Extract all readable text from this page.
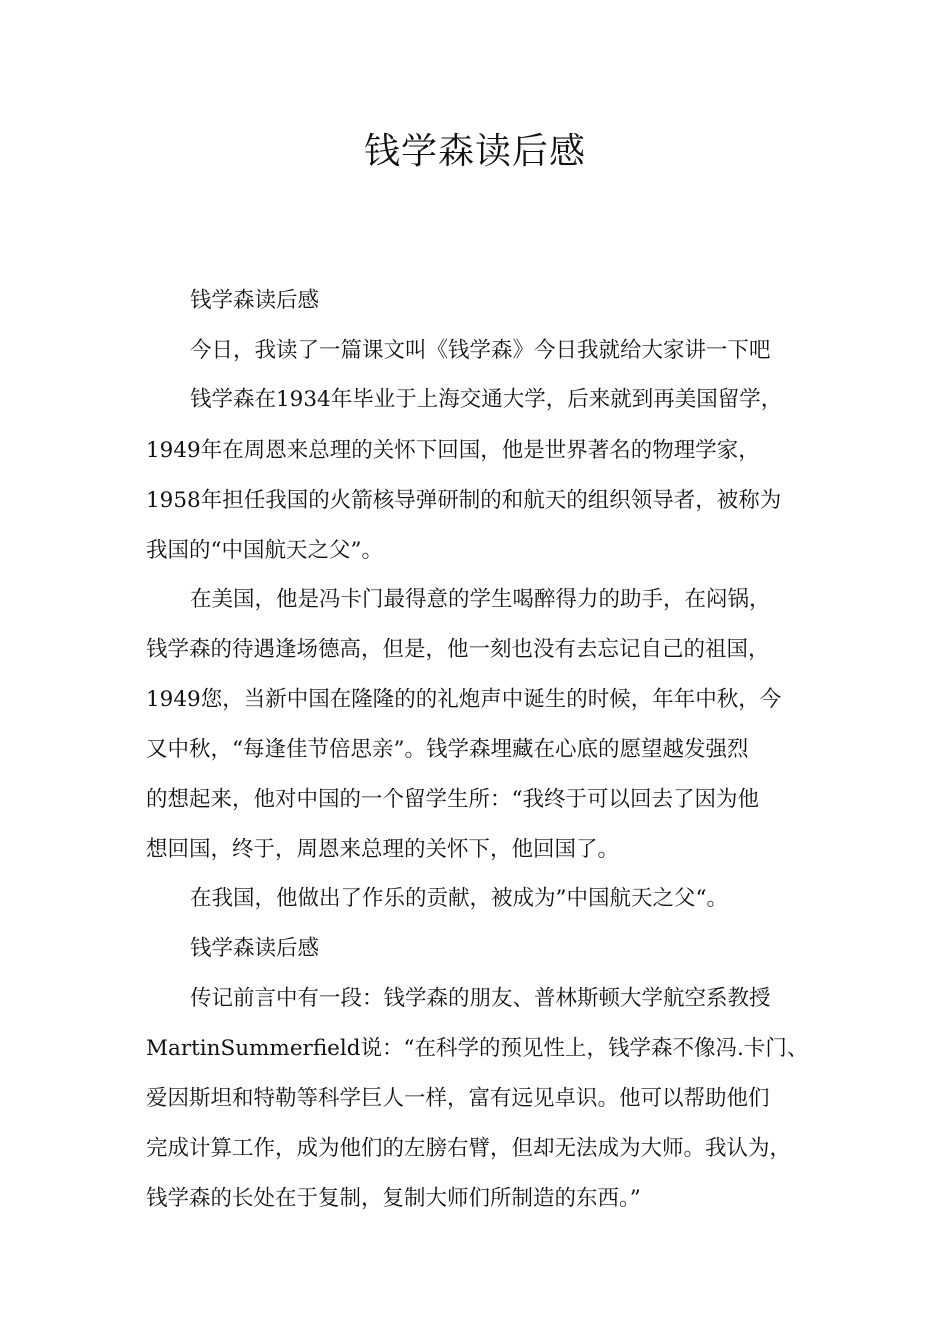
钱学森读后感

钱学森读后感

今日，我读了一篇课文叫《钱学森》今日我就给大家讲一下吧

钱学森在1934年毕业于上海交通大学，后来就到再美国留学，

1949年在周恩来总理的关怀下回国，他是世界著名的物理学家，

1958年担任我国的火箭核导弹研制的和航天的组织领导者，被称为

我国的“中国航天之父”。

在美国，他是冯卡门最得意的学生喝醉得力的助手，在闷锅，

钱学森的待遇逢场德高，但是，他一刻也没有去忘记自己的祖国，

1949您，当新中国在隆隆的的礼炮声中诞生的时候，年年中秋，今

又中秋，“每逢佳节倍思亲”。钱学森埋藏在心底的愿望越发强烈

的想起来，他对中国的一个留学生所：“我终于可以回去了因为他

想回国，终于，周恩来总理的关怀下，他回国了。

在我国，他做出了作乐的贡献，被成为”中国航天之父“。

钱学森读后感

传记前言中有一段：钱学森的朋友、普林斯顿大学航空系教授

MartinSummerfield说：“在科学的预见性上，钱学森不像冯.卡门、

爱因斯坦和特勒等科学巨人一样，富有远见卓识。他可以帮助他们

完成计算工作，成为他们的左膀右臂，但却无法成为大师。我认为，

钱学森的长处在于复制，复制大师们所制造的东西。”
